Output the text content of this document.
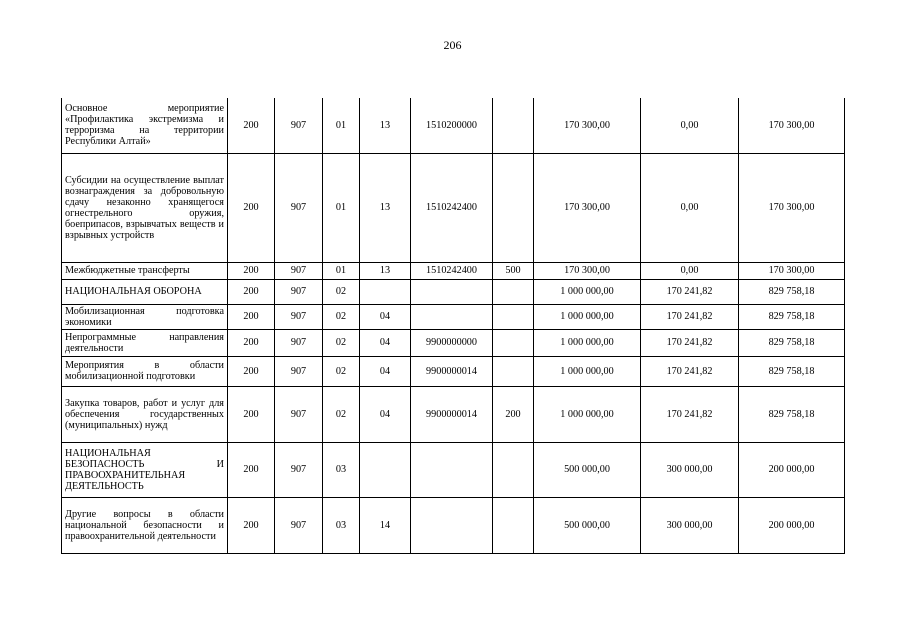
206
Основное мероприятие «Профилактика экстремизма и терроризма на территории Республики Алтай»	200	907	01	13	1510200000		170 300,00	0,00	170 300,00
Субсидии на осуществление выплат вознаграждения за добровольную сдачу незаконно хранящегося огнестрельного оружия, боеприпасов, взрывчатых веществ и взрывных устройств	200	907	01	13	1510242400		170 300,00	0,00	170 300,00
Межбюджетные трансферты	200	907	01	13	1510242400	500	170 300,00	0,00	170 300,00
НАЦИОНАЛЬНАЯ ОБОРОНА	200	907	02				1 000 000,00	170 241,82	829 758,18
Мобилизационная подготовка экономики	200	907	02	04			1 000 000,00	170 241,82	829 758,18
Непрограммные направления деятельности	200	907	02	04	9900000000		1 000 000,00	170 241,82	829 758,18
Мероприятия в области мобилизационной подготовки	200	907	02	04	9900000014		1 000 000,00	170 241,82	829 758,18
Закупка товаров, работ и услуг для обеспечения государственных (муниципальных) нужд	200	907	02	04	9900000014	200	1 000 000,00	170 241,82	829 758,18
НАЦИОНАЛЬНАЯ БЕЗОПАСНОСТЬ И ПРАВООХРАНИТЕЛЬНАЯ ДЕЯТЕЛЬНОСТЬ	200	907	03				500 000,00	300 000,00	200 000,00
Другие вопросы в области национальной безопасности и правоохранительной деятельности	200	907	03	14			500 000,00	300 000,00	200 000,00
